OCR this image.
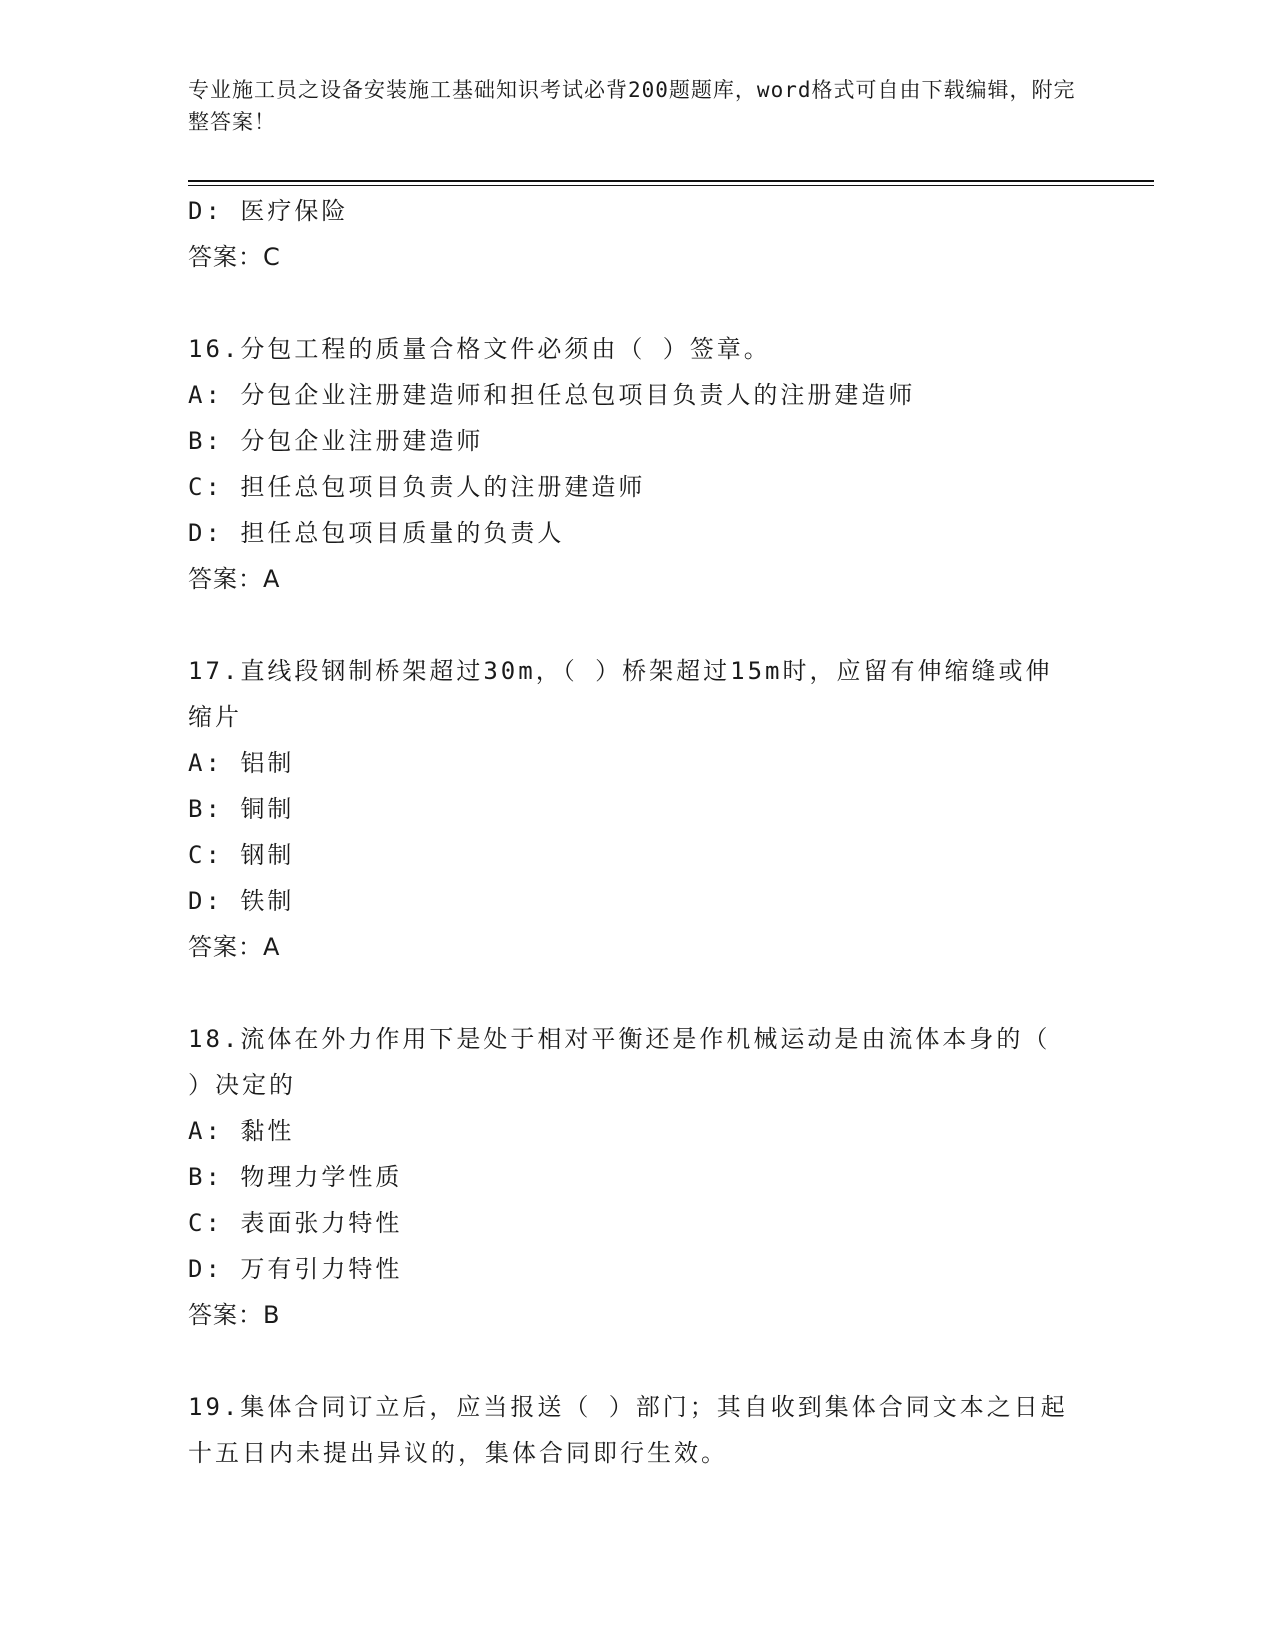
专业施工员之设备安装施工基础知识考试必背200题题库，word格式可自由下载编辑，附完整答案！
D: 医疗保险
答案：C
16.分包工程的质量合格文件必须由（ ）签章。
A: 分包企业注册建造师和担任总包项目负责人的注册建造师
B: 分包企业注册建造师
C: 担任总包项目负责人的注册建造师
D: 担任总包项目质量的负责人
答案：A
17.直线段钢制桥架超过30m，（ ）桥架超过15m时，应留有伸缩缝或伸缩片
A: 铝制
B: 铜制
C: 钢制
D: 铁制
答案：A
18.流体在外力作用下是处于相对平衡还是作机械运动是由流体本身的（ ）决定的
A: 黏性
B: 物理力学性质
C: 表面张力特性
D: 万有引力特性
答案：B
19.集体合同订立后，应当报送（ ）部门；其自收到集体合同文本之日起十五日内未提出异议的，集体合同即行生效。
